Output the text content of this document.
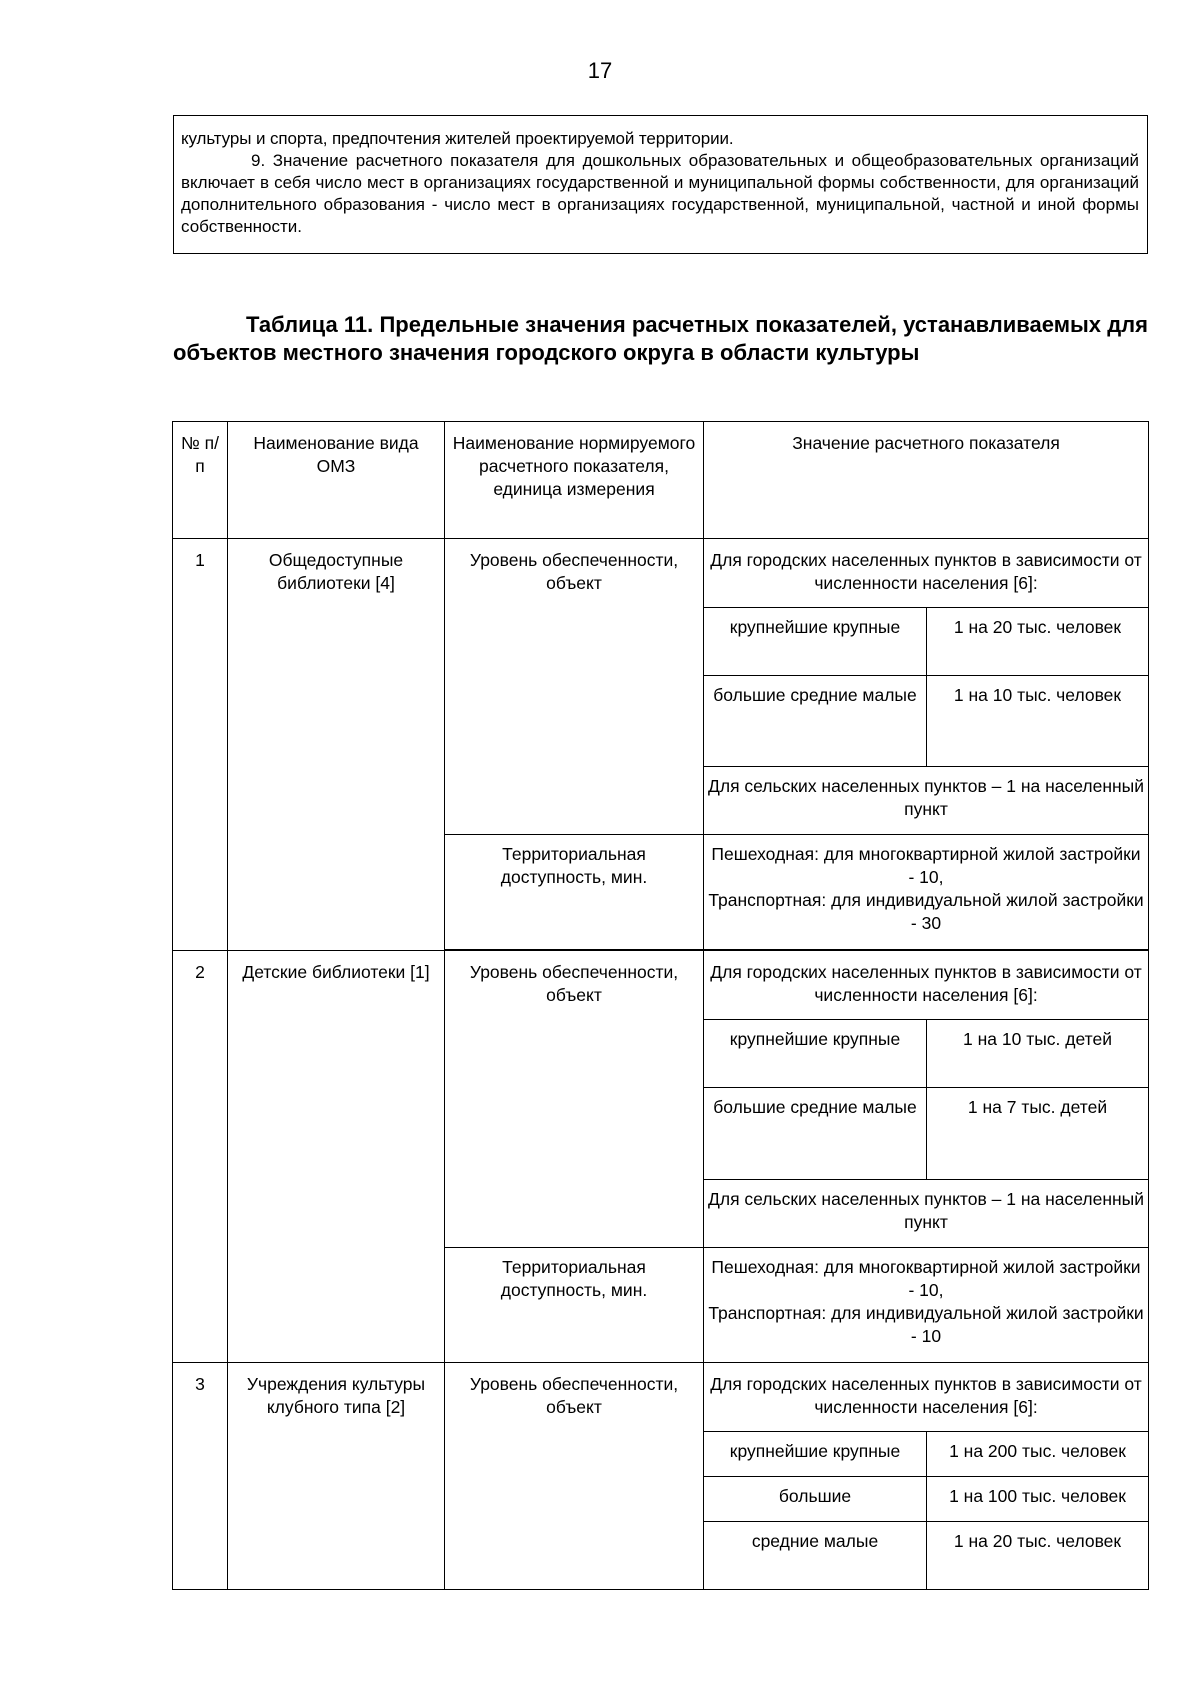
17

культуры и спорта, предпочтения жителей проектируемой территории.

9. Значение расчетного показателя для дошкольных образовательных и общеобразовательных организаций включает в себя число мест в организациях государственной и муниципальной формы собственности, для организаций дополнительного образования - число мест в организациях государственной, муниципальной, частной и иной формы собственности.

Таблица 11. Предельные значения расчетных показателей, устанавливаемых для объектов местного значения городского округа в области культуры

№ п/п	Наименование вида ОМЗ	Наименование нормируемого расчетного показателя, единица измерения	Значение расчетного показателя	
1	Общедоступные библиотеки [4]	Уровень обеспеченности, объект	Для городских населенных пунктов в зависимости от численности населения [6]:	
			крупнейшие крупные	1 на 20 тыс. человек
			большие средние малые	1 на 10 тыс. человек
			Для сельских населенных пунктов – 1 на населенный пункт	
		Территориальная доступность, мин.	Пешеходная: для многоквартирной жилой застройки - 10,
Транспортная: для индивидуальной жилой застройки - 30	

2	Детские библиотеки [1]	Уровень обеспеченности, объект	Для городских населенных пунктов в зависимости от численности населения [6]:	
			крупнейшие крупные	1 на 10 тыс. детей
			большие средние малые	1 на 7 тыс. детей
			Для сельских населенных пунктов – 1 на населенный пункт	
		Территориальная доступность, мин.	Пешеходная: для многоквартирной жилой застройки - 10,
Транспортная: для индивидуальной жилой застройки - 10	

3	Учреждения культуры клубного типа [2]	Уровень обеспеченности, объект	Для городских населенных пунктов в зависимости от численности населения [6]:	
			крупнейшие крупные	1 на 200 тыс. человек
			большие	1 на 100 тыс. человек
			средние малые	1 на 20 тыс. человек
